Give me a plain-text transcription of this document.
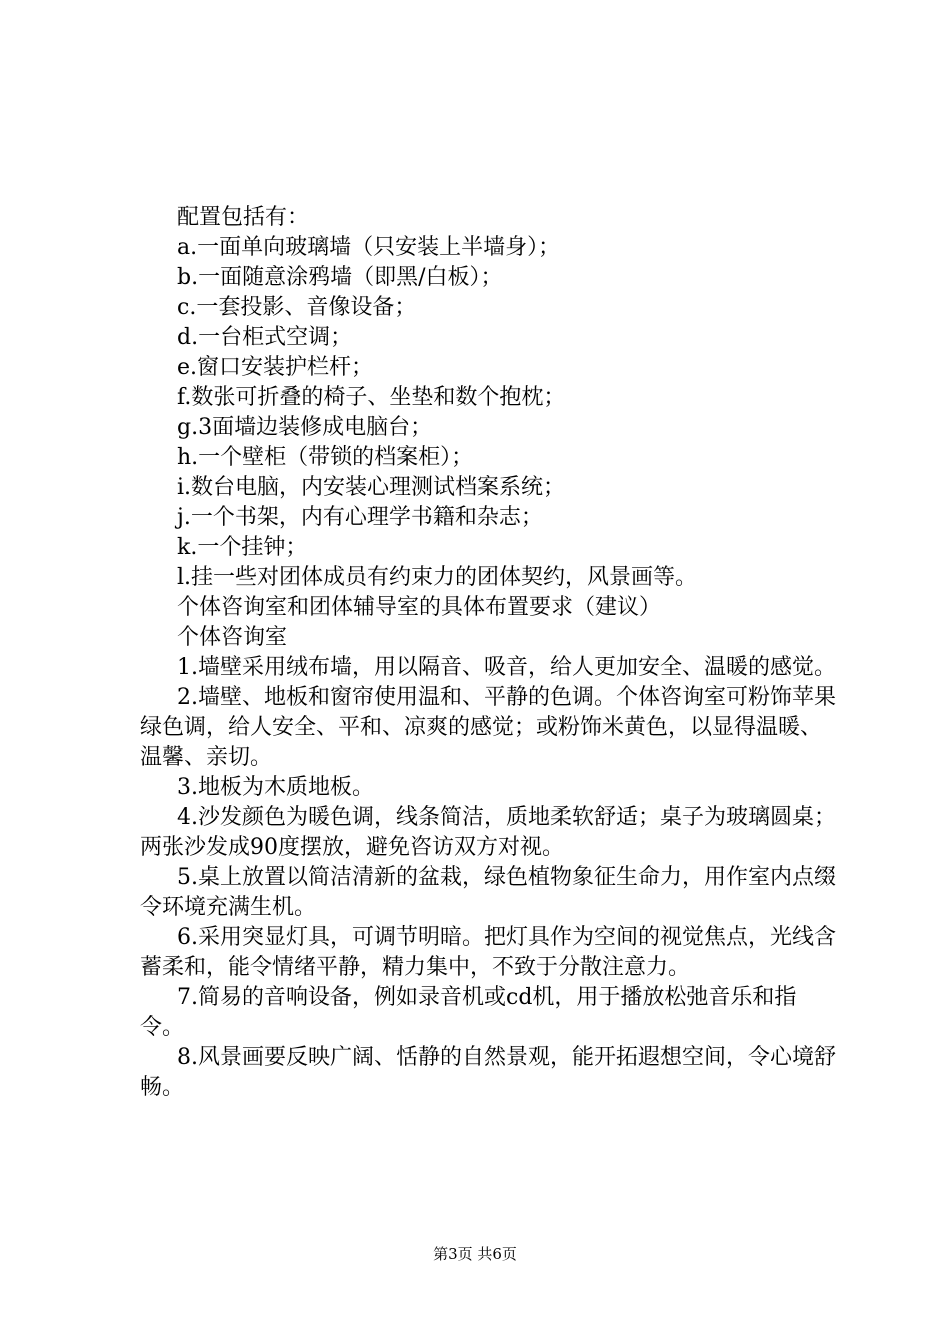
配置包括有：

a.一面单向玻璃墙（只安装上半墙身）；

b.一面随意涂鸦墙（即黑/白板）；

c.一套投影、音像设备；

d.一台柜式空调；

e.窗口安装护栏杆；

f.数张可折叠的椅子、坐垫和数个抱枕；

g.3面墙边装修成电脑台；

h.一个壁柜（带锁的档案柜）；

i.数台电脑，内安装心理测试档案系统；

j.一个书架，内有心理学书籍和杂志；

k.一个挂钟；

l.挂一些对团体成员有约束力的团体契约，风景画等。

个体咨询室和团体辅导室的具体布置要求（建议）

个体咨询室

1.墙壁采用绒布墙，用以隔音、吸音，给人更加安全、温暖的感觉。

2.墙壁、地板和窗帘使用温和、平静的色调。个体咨询室可粉饰苹果绿色调，给人安全、平和、凉爽的感觉；或粉饰米黄色，以显得温暖、温馨、亲切。

3.地板为木质地板。

4.沙发颜色为暖色调，线条简洁，质地柔软舒适；桌子为玻璃圆桌；两张沙发成90度摆放，避免咨访双方对视。

5.桌上放置以简洁清新的盆栽，绿色植物象征生命力，用作室内点缀令环境充满生机。

6.采用突显灯具，可调节明暗。把灯具作为空间的视觉焦点，光线含蓄柔和，能令情绪平静，精力集中，不致于分散注意力。

7.简易的音响设备，例如录音机或cd机，用于播放松弛音乐和指令。

8.风景画要反映广阔、恬静的自然景观，能开拓遐想空间，令心境舒畅。

第3页 共6页
